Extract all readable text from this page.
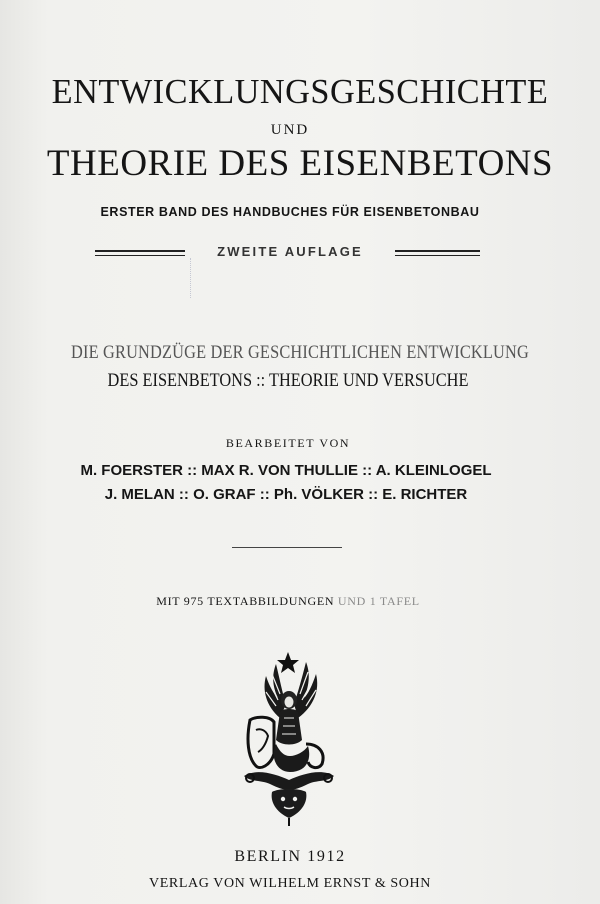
ENTWICKLUNGSGESCHICHTE
UND
THEORIE DES EISENBETONS
ERSTER BAND DES HANDBUCHES FÜR EISENBETONBAU
ZWEITE AUFLAGE
DIE GRUNDZÜGE DER GESCHICHTLICHEN ENTWICKLUNG
DES EISENBETONS :: THEORIE UND VERSUCHE
BEARBEITET VON
M. FOERSTER :: MAX R. VON THULLIE :: A. KLEINLOGEL
J. MELAN :: O. GRAF :: Ph. VÖLKER :: E. RICHTER
MIT 975 TEXTABBILDUNGEN UND 1 TAFEL
BERLIN 1912
VERLAG VON WILHELM ERNST & SOHN
